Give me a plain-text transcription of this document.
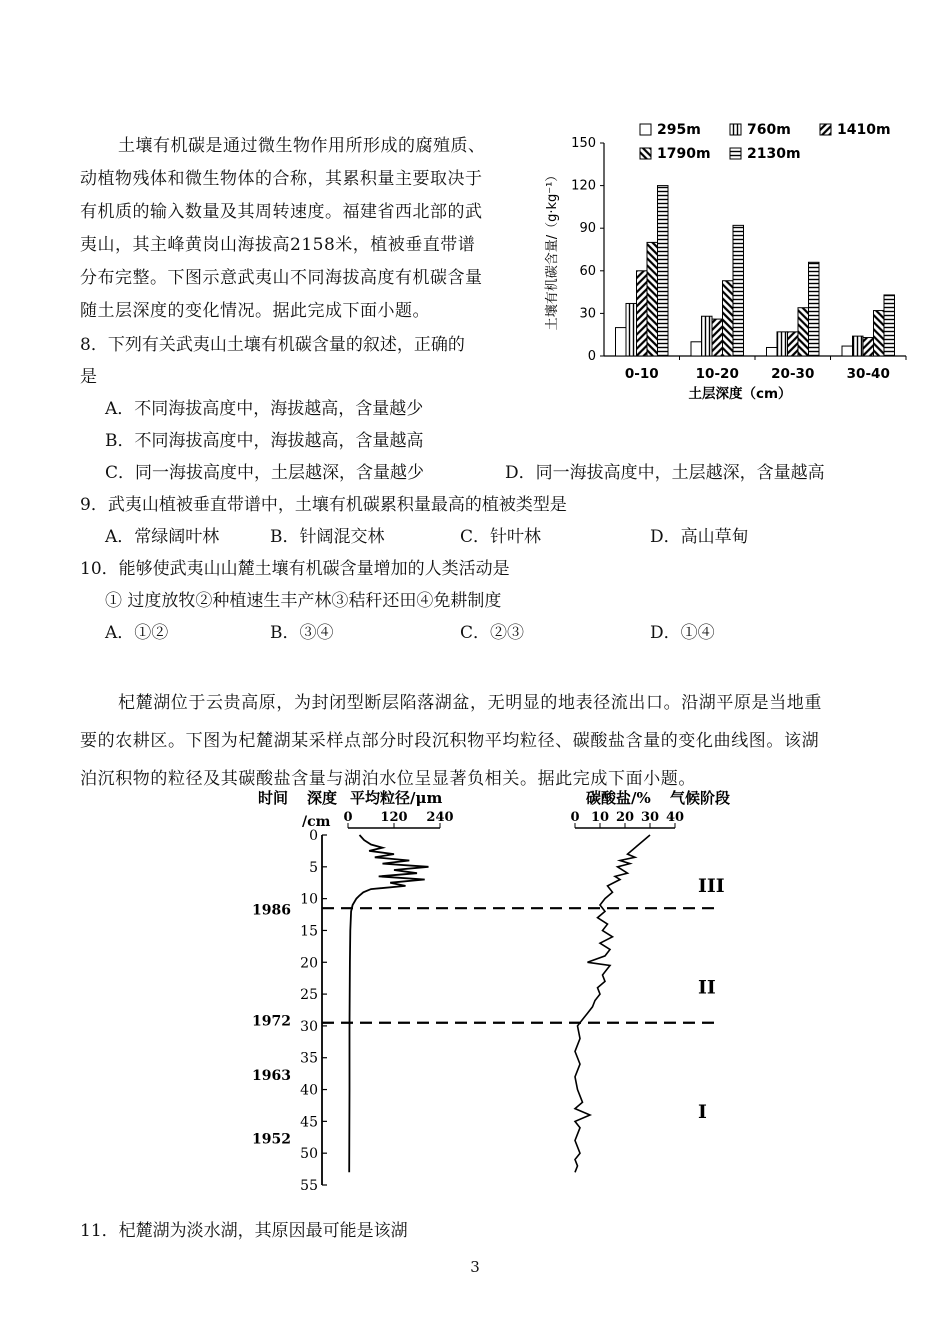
土壤有机碳是通过微生物作用所形成的腐殖质、
动植物残体和微生物体的合称，其累积量主要取决于
有机质的输入数量及其周转速度。福建省西北部的武
夷山，其主峰黄岗山海拔高2158米，植被垂直带谱
分布完整。下图示意武夷山不同海拔高度有机碳含量
随土层深度的变化情况。据此完成下面小题。
0
30
60
90
120
150
土壤有机碳含量/（g·kg⁻¹）
0-10	10-20 20-30 30-40
土层深度（cm）
295m	760m	1410m
1790m	2130m
8．下列有关武夷山土壤有机碳含量的叙述，正确的
是
A．不同海拔高度中，海拔越高，含量越少
B．不同海拔高度中，海拔越高，含量越高
C．同一海拔高度中，土层越深，含量越少	D．同一海拔高度中，土层越深，含量越高
9．武夷山植被垂直带谱中，土壤有机碳累积量最高的植被类型是
A．常绿阔叶林	B．针阔混交林	C．针叶林	D．高山草甸
10．能够使武夷山山麓土壤有机碳含量增加的人类活动是
① 过度放牧②种植速生丰产林③秸秆还田④免耕制度
A．①②	B．③④	C．②③	D．①④
杞麓湖位于云贵高原，为封闭型断层陷落湖盆，无明显的地表径流出口。沿湖平原是当地重
要的农耕区。下图为杞麓湖某采样点部分时段沉积物平均粒径、碳酸盐含量的变化曲线图。该湖
泊沉积物的粒径及其碳酸盐含量与湖泊水位呈显著负相关。据此完成下面小题。
时间 深度 平均粒径/μm
/cm
碳酸盐/% 气候阶段
0 120 240	0 10 20 30 40
0
5
10
15
20
25
30
35
40
45
50
55
1986
1972
1963
1952
III
II
I
11．杞麓湖为淡水湖，其原因最可能是该湖
3
